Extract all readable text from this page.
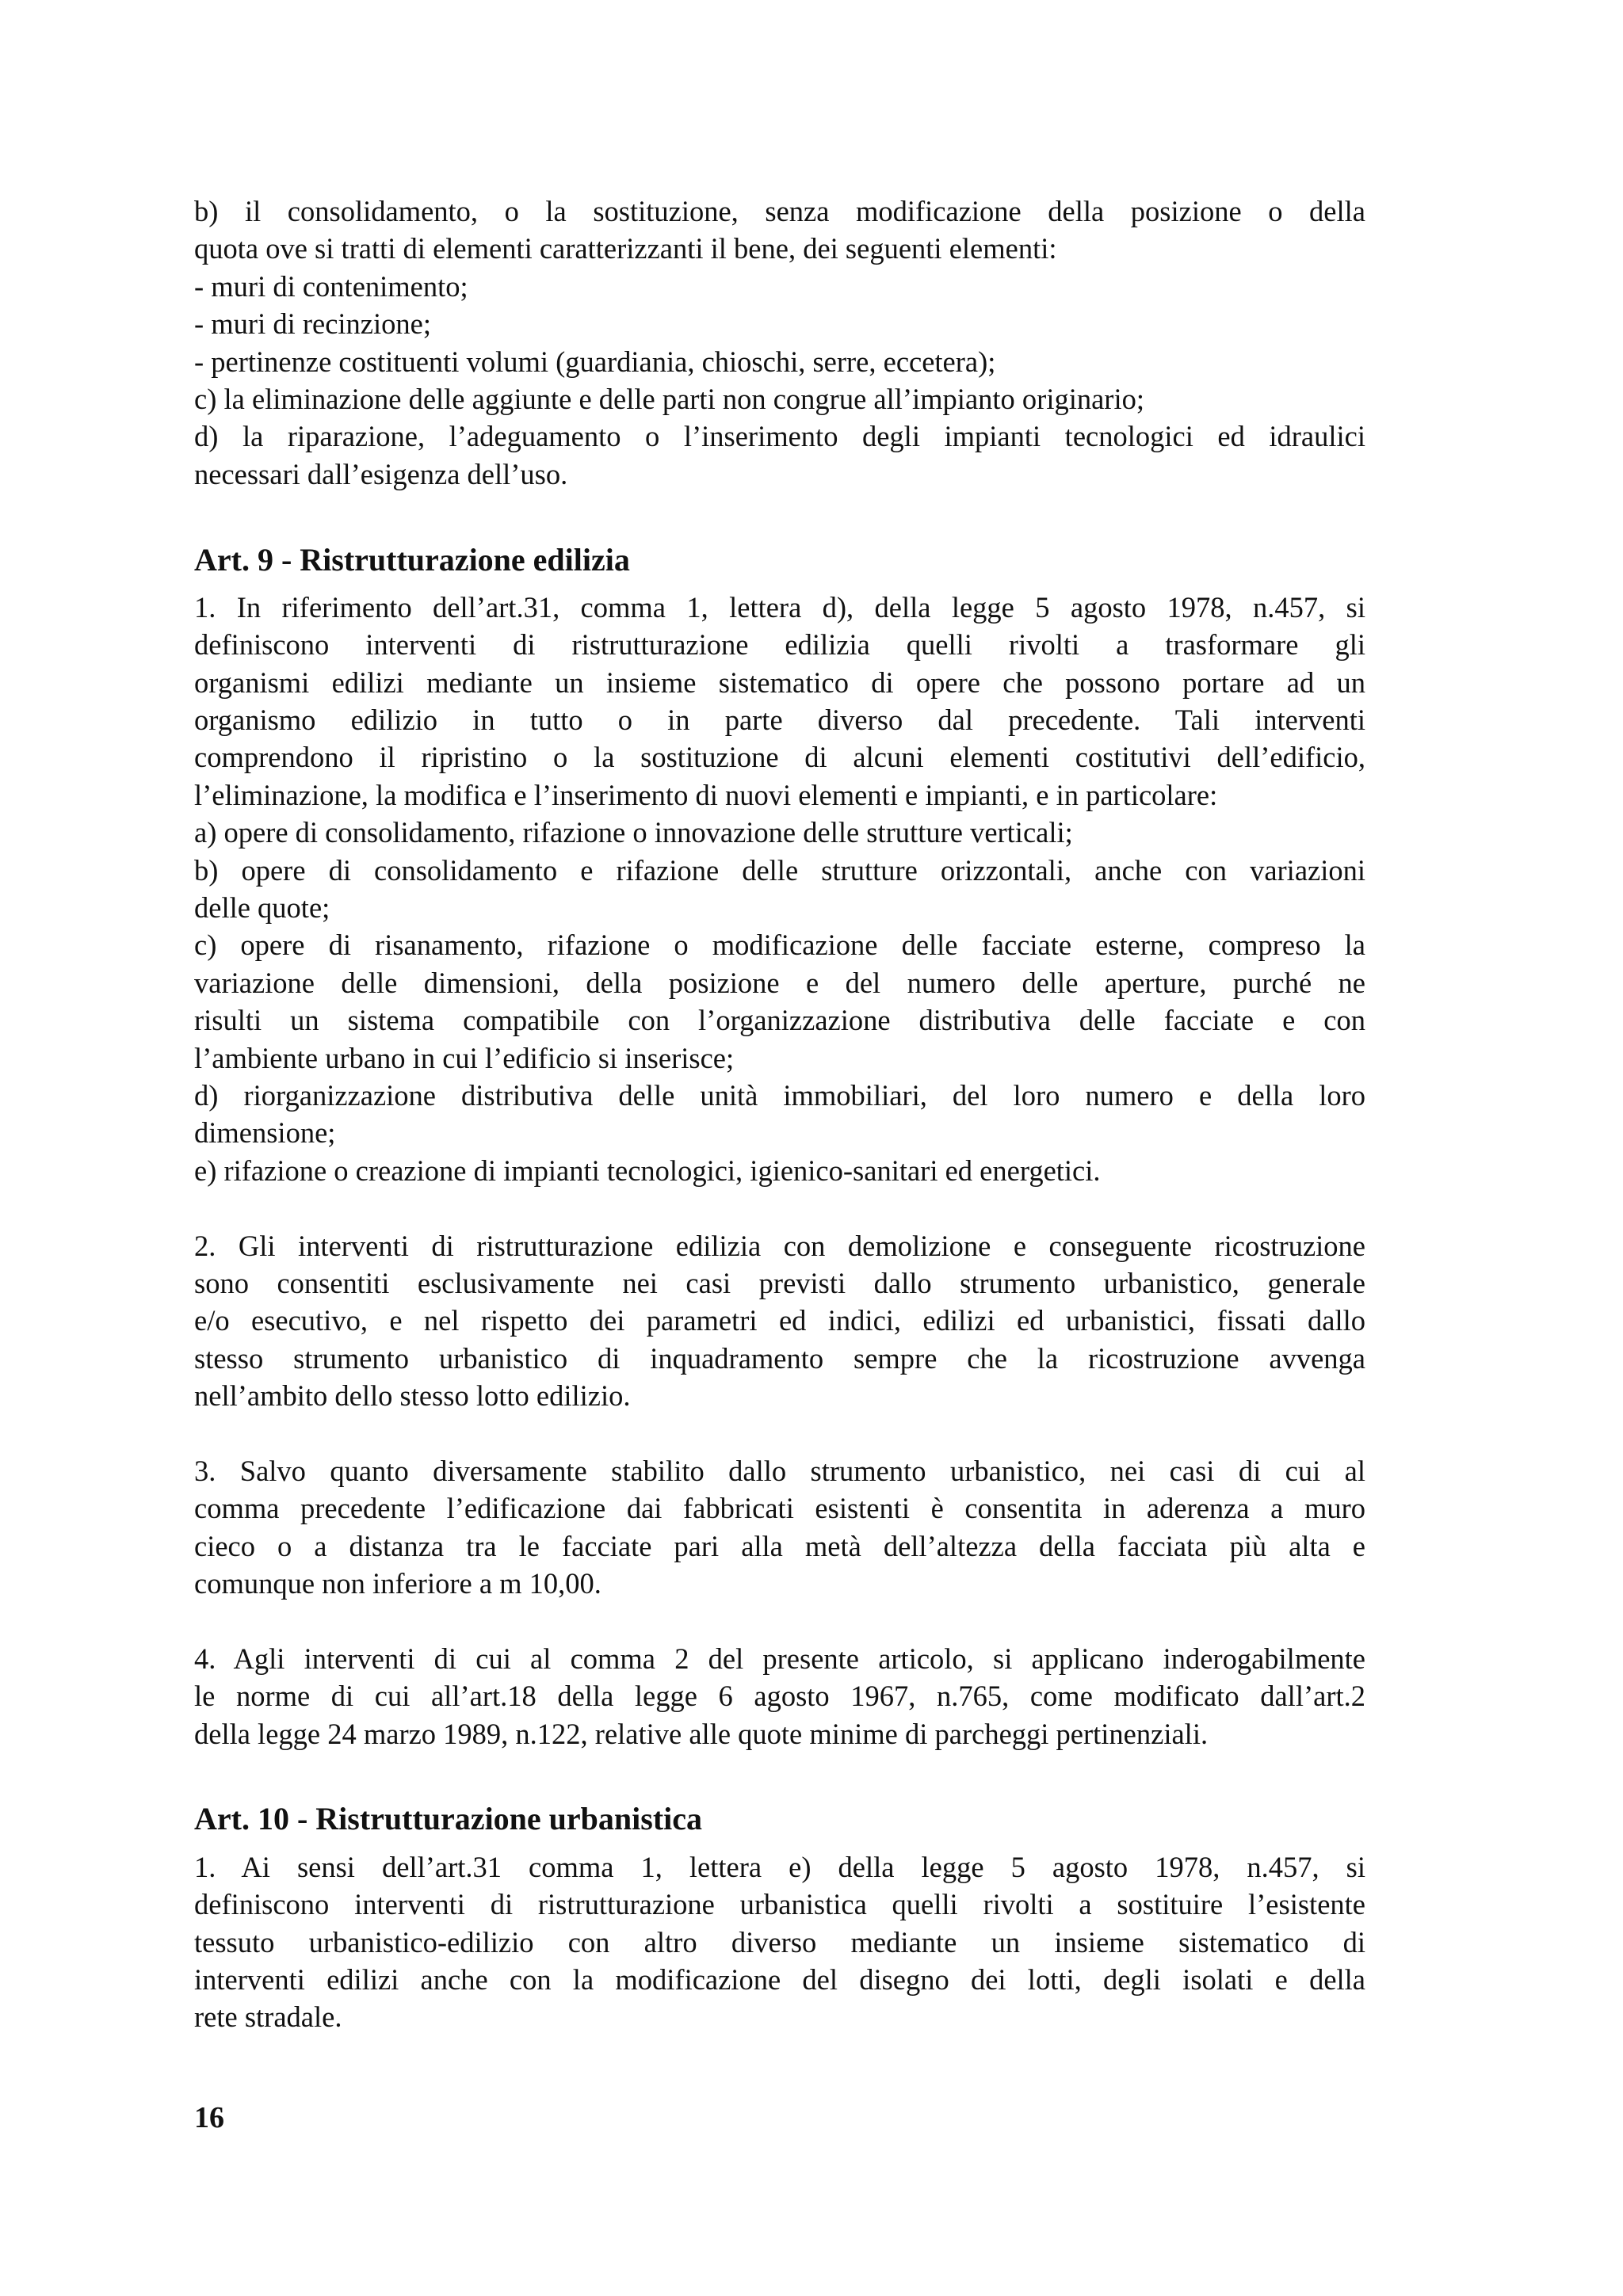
b) il consolidamento, o la sostituzione, senza modificazione della posizione o della
quota ove si tratti di elementi caratterizzanti il bene, dei seguenti elementi:
- muri di contenimento;
- muri di recinzione;
- pertinenze costituenti volumi (guardiania, chioschi, serre, eccetera);
c) la eliminazione delle aggiunte e delle parti non congrue all’impianto originario;
d) la riparazione, l’adeguamento o l’inserimento degli impianti tecnologici ed idraulici
necessari dall’esigenza dell’uso.
Art. 9 - Ristrutturazione edilizia
1. In riferimento dell’art.31, comma 1, lettera d), della legge 5 agosto 1978, n.457, si
definiscono interventi di ristrutturazione edilizia quelli rivolti a trasformare gli
organismi edilizi mediante un insieme sistematico di opere che possono portare ad un
organismo edilizio in tutto o in parte diverso dal precedente. Tali interventi
comprendono il ripristino o la sostituzione di alcuni elementi costitutivi dell’edificio,
l’eliminazione, la modifica e l’inserimento di nuovi elementi e impianti, e in particolare:
a) opere di consolidamento, rifazione o innovazione delle strutture verticali;
b) opere di consolidamento e rifazione delle strutture orizzontali, anche con variazioni
delle quote;
c) opere di risanamento, rifazione o modificazione delle facciate esterne, compreso la
variazione delle dimensioni, della posizione e del numero delle aperture, purché ne
risulti un sistema compatibile con l’organizzazione distributiva delle facciate e con
l’ambiente urbano in cui l’edificio si inserisce;
d) riorganizzazione distributiva delle unità immobiliari, del loro numero e della loro
dimensione;
e) rifazione o creazione di impianti tecnologici, igienico-sanitari ed energetici.
2. Gli interventi di ristrutturazione edilizia con demolizione e conseguente ricostruzione
sono consentiti esclusivamente nei casi previsti dallo strumento urbanistico, generale
e/o esecutivo, e nel rispetto dei parametri ed indici, edilizi ed urbanistici, fissati dallo
stesso strumento urbanistico di inquadramento sempre che la ricostruzione avvenga
nell’ambito dello stesso lotto edilizio.
3. Salvo quanto diversamente stabilito dallo strumento urbanistico, nei casi di cui al
comma precedente l’edificazione dai fabbricati esistenti è consentita in aderenza a muro
cieco o a distanza tra le facciate pari alla metà dell’altezza della facciata più alta e
comunque non inferiore a m 10,00.
4. Agli interventi di cui al comma 2 del presente articolo, si applicano inderogabilmente
le norme di cui all’art.18 della legge 6 agosto 1967, n.765, come modificato dall’art.2
della legge 24 marzo 1989, n.122, relative alle quote minime di parcheggi pertinenziali.
Art. 10 - Ristrutturazione urbanistica
1. Ai sensi dell’art.31 comma 1, lettera e) della legge 5 agosto 1978, n.457, si
definiscono interventi di ristrutturazione urbanistica quelli rivolti a sostituire l’esistente
tessuto urbanistico-edilizio con altro diverso mediante un insieme sistematico di
interventi edilizi anche con la modificazione del disegno dei lotti, degli isolati e della
rete stradale.
16
